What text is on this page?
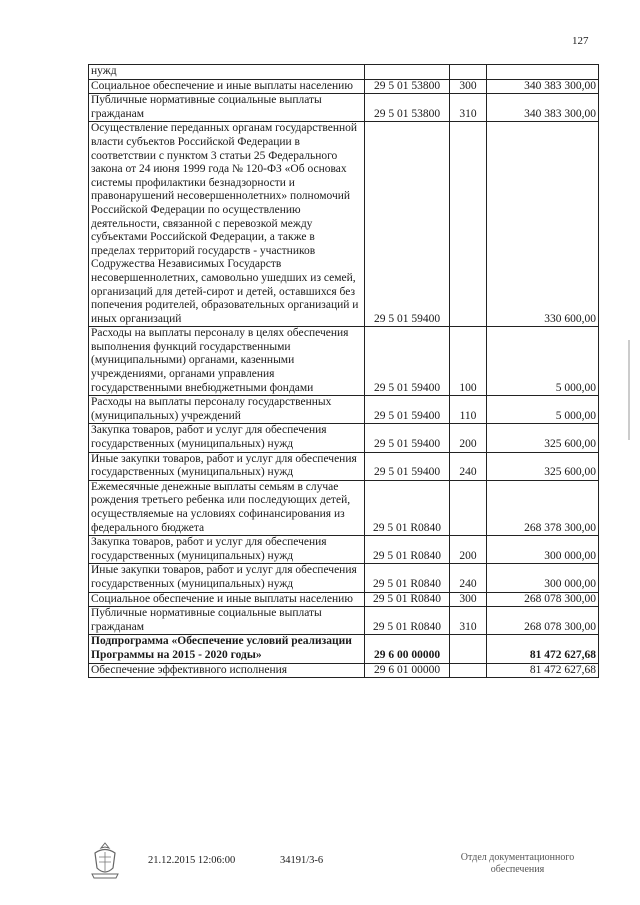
127
нужд			
Социальное обеспечение и иные выплаты населению	29 5 01 53800	300	340 383 300,00
Публичные нормативные социальные выплаты гражданам	29 5 01 53800	310	340 383 300,00
Осуществление переданных органам государственной власти субъектов Российской Федерации в соответствии с пунктом 3 статьи 25 Федерального закона от 24 июня 1999 года № 120-ФЗ «Об основах системы профилактики безнадзорности и правонарушений несовершеннолетних» полномочий Российской Федерации по осуществлению деятельности, связанной с перевозкой между субъектами Российской Федерации, а также в пределах территорий государств - участников Содружества Независимых Государств несовершеннолетних, самовольно ушедших из семей, организаций для детей-сирот и детей, оставшихся без попечения родителей, образовательных организаций и иных организаций	29 5 01 59400		330 600,00
Расходы на выплаты персоналу в целях обеспечения выполнения функций государственными (муниципальными) органами, казенными учреждениями, органами управления государственными внебюджетными фондами	29 5 01 59400	100	5 000,00
Расходы на выплаты персоналу государственных (муниципальных) учреждений	29 5 01 59400	110	5 000,00
Закупка товаров, работ и услуг для обеспечения государственных (муниципальных) нужд	29 5 01 59400	200	325 600,00
Иные закупки товаров, работ и услуг для обеспечения государственных (муниципальных) нужд	29 5 01 59400	240	325 600,00
Ежемесячные денежные выплаты семьям в случае рождения третьего ребенка или последующих детей, осуществляемые на условиях софинансирования из федерального бюджета	29 5 01 R0840		268 378 300,00
Закупка товаров, работ и услуг для обеспечения государственных (муниципальных) нужд	29 5 01 R0840	200	300 000,00
Иные закупки товаров, работ и услуг для обеспечения государственных (муниципальных) нужд	29 5 01 R0840	240	300 000,00
Социальное обеспечение и иные выплаты населению	29 5 01 R0840	300	268 078 300,00
Публичные нормативные социальные выплаты гражданам	29 5 01 R0840	310	268 078 300,00
Подпрограмма «Обеспечение условий реализации Программы на 2015 - 2020 годы»	29 6 00 00000		81 472 627,68
Обеспечение эффективного исполнения	29 6 01 00000		81 472 627,68
21.12.2015 12:06:00	34191/3-6	Отдел документационного
обеспечения
